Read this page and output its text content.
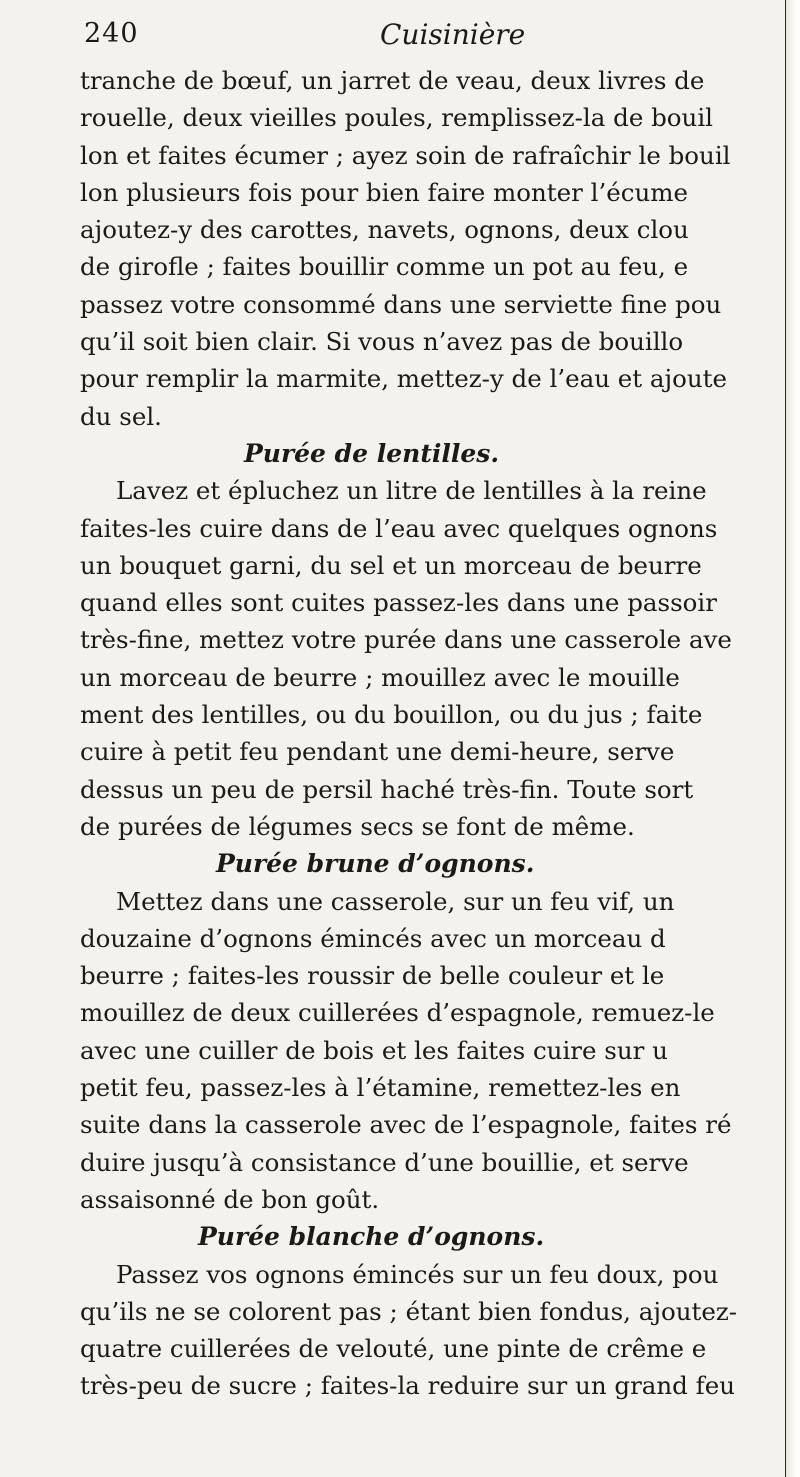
240	Cuisinière
tranche de bœuf, un jarret de veau, deux livres de
rouelle, deux vieilles poules, remplissez-la de bouil
lon et faites écumer ; ayez soin de rafraîchir le bouil
lon plusieurs fois pour bien faire monter l’écume
ajoutez-y des carottes, navets, ognons, deux clou
de girofle ; faites bouillir comme un pot au feu, e
passez votre consommé dans une serviette fine pou
qu’il soit bien clair. Si vous n’avez pas de bouillo
pour remplir la marmite, mettez-y de l’eau et ajoute
du sel.
Purée de lentilles.
Lavez et épluchez un litre de lentilles à la reine
faites-les cuire dans de l’eau avec quelques ognons
un bouquet garni, du sel et un morceau de beurre
quand elles sont cuites passez-les dans une passoir
très-fine, mettez votre purée dans une casserole ave
un morceau de beurre ; mouillez avec le mouille
ment des lentilles, ou du bouillon, ou du jus ; faite
cuire à petit feu pendant une demi-heure, serve
dessus un peu de persil haché très-fin. Toute sort
de purées de légumes secs se font de même.
Purée brune d’ognons.
Mettez dans une casserole, sur un feu vif, un
douzaine d’ognons émincés avec un morceau d
beurre ; faites-les roussir de belle couleur et le
mouillez de deux cuillerées d’espagnole, remuez-le
avec une cuiller de bois et les faites cuire sur u
petit feu, passez-les à l’étamine, remettez-les en
suite dans la casserole avec de l’espagnole, faites ré
duire jusqu’à consistance d’une bouillie, et serve
assaisonné de bon goût.
Purée blanche d’ognons.
Passez vos ognons émincés sur un feu doux, pou
qu’ils ne se colorent pas ; étant bien fondus, ajoutez-
quatre cuillerées de velouté, une pinte de crême e
très-peu de sucre ; faites-la reduire sur un grand feu
